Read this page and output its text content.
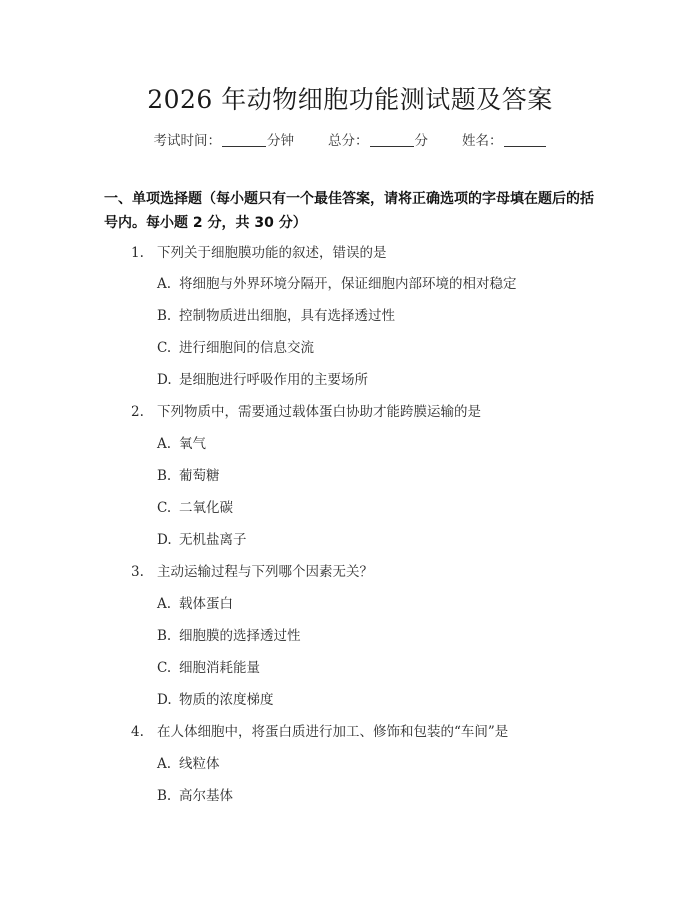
2026 年动物细胞功能测试题及答案
考试时间：	分钟	总分：	分	姓名：
一、单项选择题（每小题只有一个最佳答案，请将正确选项的字母填在题后的括号内。每小题 2 分，共 30 分）
1. 下列关于细胞膜功能的叙述，错误的是
A. 将细胞与外界环境分隔开，保证细胞内部环境的相对稳定
B. 控制物质进出细胞，具有选择透过性
C. 进行细胞间的信息交流
D. 是细胞进行呼吸作用的主要场所
2. 下列物质中，需要通过载体蛋白协助才能跨膜运输的是
A. 氧气
B. 葡萄糖
C. 二氧化碳
D. 无机盐离子
3. 主动运输过程与下列哪个因素无关？
A. 载体蛋白
B. 细胞膜的选择透过性
C. 细胞消耗能量
D. 物质的浓度梯度
4. 在人体细胞中，将蛋白质进行加工、修饰和包装的“车间”是
A. 线粒体
B. 高尔基体
